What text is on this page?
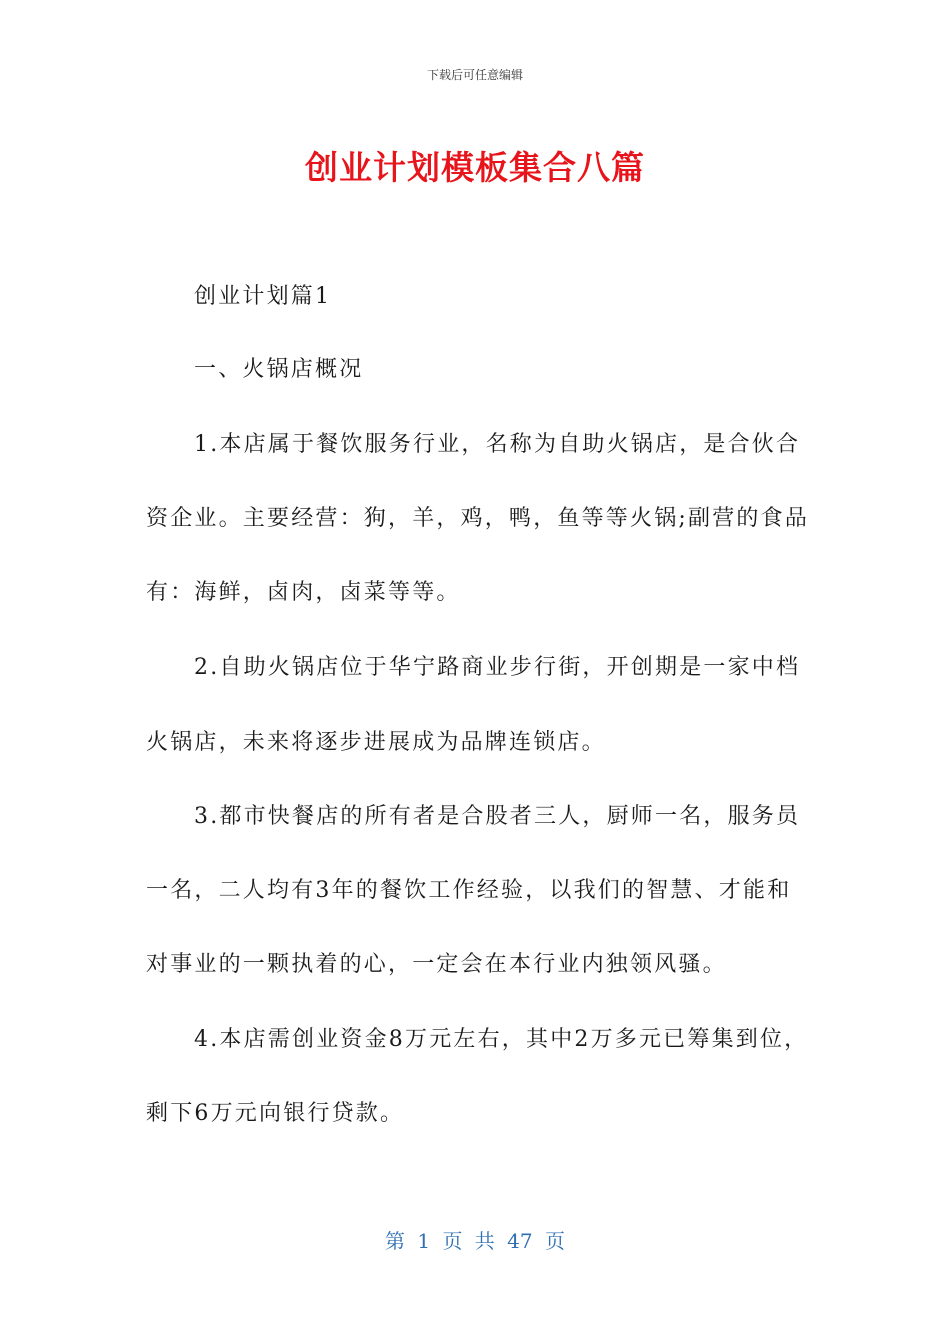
下载后可任意编辑
创业计划模板集合八篇
创业计划篇1
一、火锅店概况
1.本店属于餐饮服务行业，名称为自助火锅店，是合伙合
资企业。主要经营：狗，羊，鸡，鸭，鱼等等火锅;副营的食品
有：海鲜，卤肉，卤菜等等。
2.自助火锅店位于华宁路商业步行街，开创期是一家中档
火锅店，未来将逐步进展成为品牌连锁店。
3.都市快餐店的所有者是合股者三人，厨师一名，服务员
一名，二人均有3年的餐饮工作经验，以我们的智慧、才能和
对事业的一颗执着的心，一定会在本行业内独领风骚。
4.本店需创业资金8万元左右，其中2万多元已筹集到位，
剩下6万元向银行贷款。
第 1 页 共 47 页
